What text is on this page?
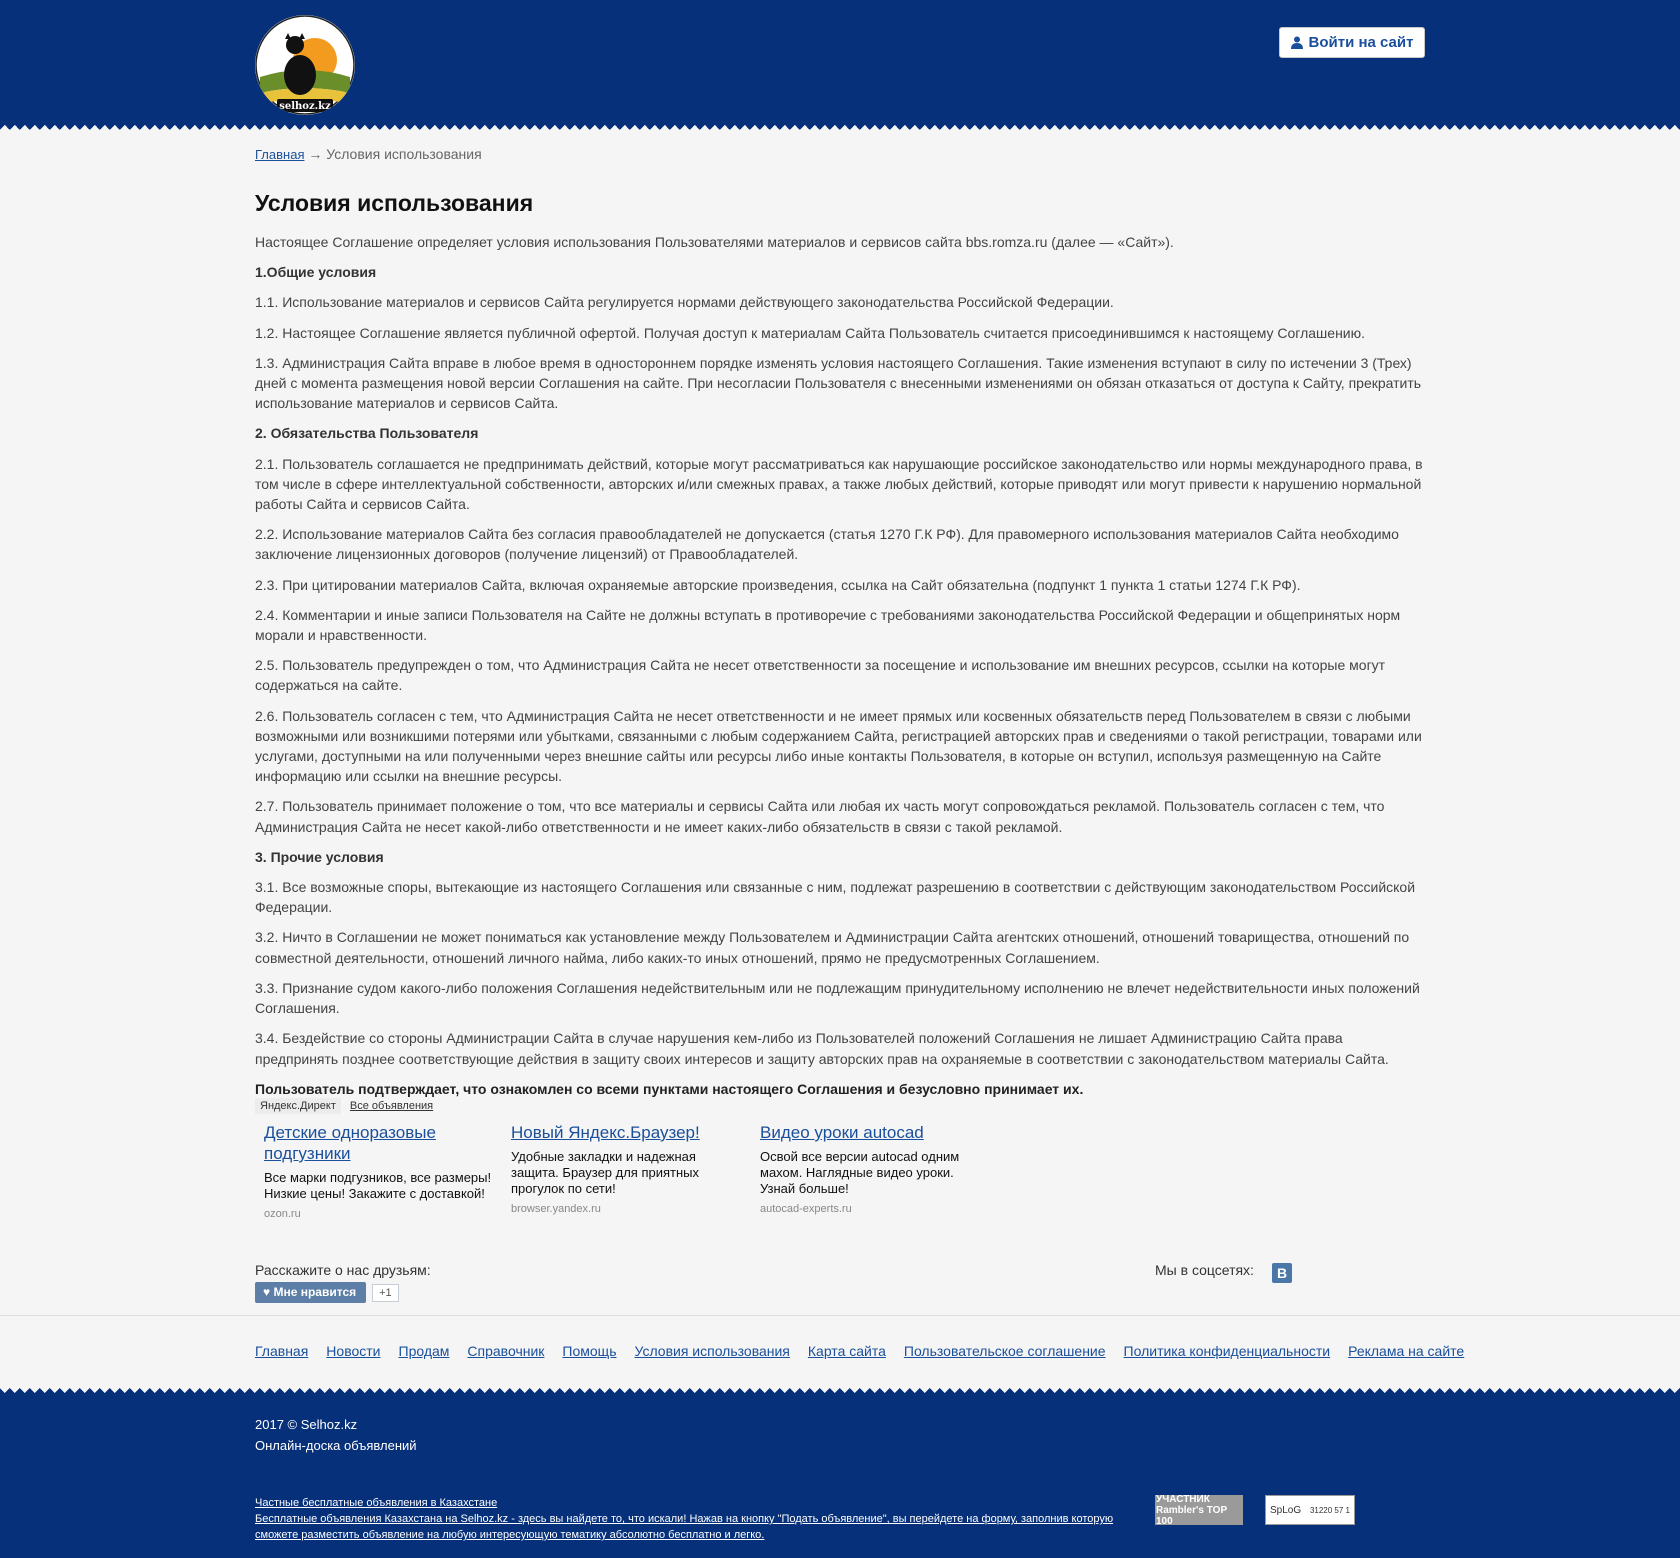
selhoz.kz
Войти на сайт
Главная → Условия использования
Условия использования

Настоящее Соглашение определяет условия использования Пользователями материалов и сервисов сайта bbs.romza.ru (далее — «Сайт»).

1.Общие условия

1.1. Использование материалов и сервисов Сайта регулируется нормами действующего законодательства Российской Федерации.

1.2. Настоящее Соглашение является публичной офертой. Получая доступ к материалам Сайта Пользователь считается присоединившимся к настоящему Соглашению.

1.3. Администрация Сайта вправе в любое время в одностороннем порядке изменять условия настоящего Соглашения. Такие изменения вступают в силу по истечении 3 (Трех) дней с момента размещения новой версии Соглашения на сайте. При несогласии Пользователя с внесенными изменениями он обязан отказаться от доступа к Сайту, прекратить использование материалов и сервисов Сайта.

2. Обязательства Пользователя

2.1. Пользователь соглашается не предпринимать действий, которые могут рассматриваться как нарушающие российское законодательство или нормы международного права, в том числе в сфере интеллектуальной собственности, авторских и/или смежных правах, а также любых действий, которые приводят или могут привести к нарушению нормальной работы Сайта и сервисов Сайта.

2.2. Использование материалов Сайта без согласия правообладателей не допускается (статья 1270 Г.К РФ). Для правомерного использования материалов Сайта необходимо заключение лицензионных договоров (получение лицензий) от Правообладателей.

2.3. При цитировании материалов Сайта, включая охраняемые авторские произведения, ссылка на Сайт обязательна (подпункт 1 пункта 1 статьи 1274 Г.К РФ).

2.4. Комментарии и иные записи Пользователя на Сайте не должны вступать в противоречие с требованиями законодательства Российской Федерации и общепринятых норм морали и нравственности.

2.5. Пользователь предупрежден о том, что Администрация Сайта не несет ответственности за посещение и использование им внешних ресурсов, ссылки на которые могут содержаться на сайте.

2.6. Пользователь согласен с тем, что Администрация Сайта не несет ответственности и не имеет прямых или косвенных обязательств перед Пользователем в связи с любыми возможными или возникшими потерями или убытками, связанными с любым содержанием Сайта, регистрацией авторских прав и сведениями о такой регистрации, товарами или услугами, доступными на или полученными через внешние сайты или ресурсы либо иные контакты Пользователя, в которые он вступил, используя размещенную на Сайте информацию или ссылки на внешние ресурсы.

2.7. Пользователь принимает положение о том, что все материалы и сервисы Сайта или любая их часть могут сопровождаться рекламой. Пользователь согласен с тем, что Администрация Сайта не несет какой-либо ответственности и не имеет каких-либо обязательств в связи с такой рекламой.

3. Прочие условия

3.1. Все возможные споры, вытекающие из настоящего Соглашения или связанные с ним, подлежат разрешению в соответствии с действующим законодательством Российской Федерации.

3.2. Ничто в Соглашении не может пониматься как установление между Пользователем и Администрации Сайта агентских отношений, отношений товарищества, отношений по совместной деятельности, отношений личного найма, либо каких-то иных отношений, прямо не предусмотренных Соглашением.

3.3. Признание судом какого-либо положения Соглашения недействительным или не подлежащим принудительному исполнению не влечет недействительности иных положений Соглашения.

3.4. Бездействие со стороны Администрации Сайта в случае нарушения кем-либо из Пользователей положений Соглашения не лишает Администрацию Сайта права предпринять позднее соответствующие действия в защиту своих интересов и защиту авторских прав на охраняемые в соответствии с законодательством материалы Сайта.

Пользователь подтверждает, что ознакомлен со всеми пунктами настоящего Соглашения и безусловно принимает их.

Яндекс.Директ Все объявления
Детские одноразовые подгузники
Все марки подгузников, все размеры! Низкие цены! Закажите с доставкой!
ozon.ru
Новый Яндекс.Браузер!
Удобные закладки и надежная защита. Браузер для приятных прогулок по сети!
browser.yandex.ru
Видео уроки autocad
Освой все версии autocad одним махом. Наглядные видео уроки. Узнай больше!
autocad-experts.ru
Расскажите о нас друзьям:
♥ Мне нравится	+1
Мы в соцсетях:	В
Главная Новости Продам Справочник Помощь Условия использования Карта сайта Пользовательское соглашение Политика конфиденциальности Реклама на сайте
2017 © Selhoz.kz
Онлайн-доска объявлений
Частные бесплатные объявления в Казахстане
Бесплатные объявления Казахстана на Selhoz.kz - здесь вы найдете то, что искали! Нажав на кнопку "Подать объявление", вы перейдете на форму, заполнив которую сможете разместить объявление на любую интересующую тематику абсолютно бесплатно и легко.
УЧАСТНИК Rambler's TOP 100
SpLoG 31220 57 1
